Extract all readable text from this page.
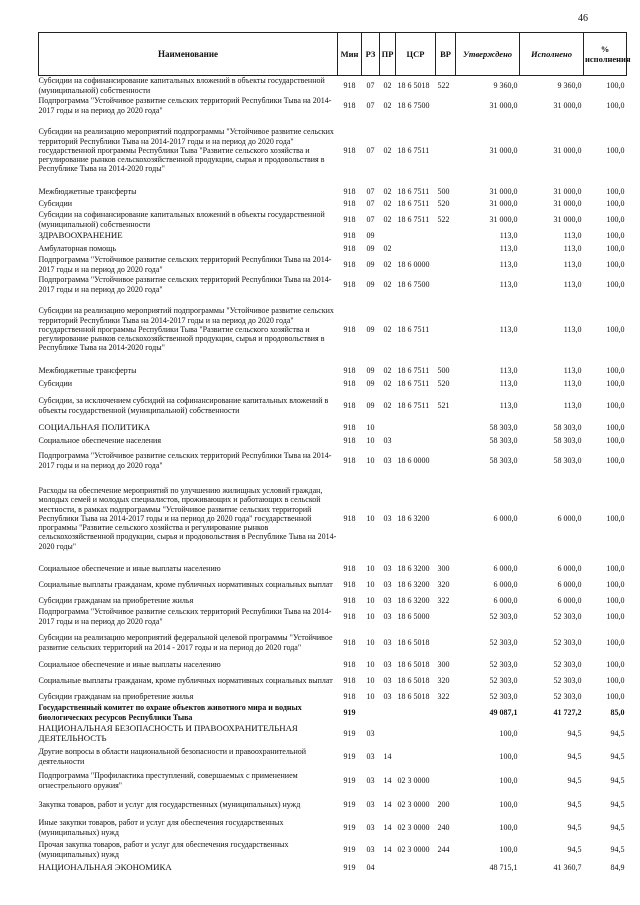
46
Наименование	Мин	РЗ	ПР	ЦСР	ВР	Утверждено	Исполнено	% исполнения
Субсидии на софинансирование капитальных вложений в объекты государственной (муниципальной) собственности	918	07	02	18 6 5018	522	9 360,0	9 360,0	100,0
Подпрограмма "Устойчивое развитие сельских территорий Республики Тыва на 2014-2017 годы и на период до 2020 года"	918	07	02	18 6 7500		31 000,0	31 000,0	100,0
Субсидии на реализацию мероприятий подпрограммы "Устойчивое развитие сельских территорий Республики Тыва на 2014-2017 годы и на период до 2020 года" государственной программы Республики Тыва "Развитие сельского хозяйства и регулирование рынков сельскохозяйственной продукции, сырья и продовольствия в Республике Тыва на 2014-2020 годы"	918	07	02	18 6 7511		31 000,0	31 000,0	100,0
Межбюджетные трансферты	918	07	02	18 6 7511	500	31 000,0	31 000,0	100,0
Субсидии	918	07	02	18 6 7511	520	31 000,0	31 000,0	100,0
Субсидии на софинансирование капитальных вложений в объекты государственной (муниципальной) собственности	918	07	02	18 6 7511	522	31 000,0	31 000,0	100,0
ЗДРАВООХРАНЕНИЕ	918	09				113,0	113,0	100,0
Амбулаторная помощь	918	09	02			113,0	113,0	100,0
Подпрограмма "Устойчивое развитие сельских территорий Республики Тыва на 2014-2017 годы и на период до 2020 года"	918	09	02	18 6 0000		113,0	113,0	100,0
Подпрограмма "Устойчивое развитие сельских территорий Республики Тыва на 2014-2017 годы и на период до 2020 года"	918	09	02	18 6 7500		113,0	113,0	100,0
Субсидии на реализацию мероприятий подпрограммы "Устойчивое развитие сельских территорий Республики Тыва на 2014-2017 годы и на период до 2020 года" государственной программы Республики Тыва "Развитие сельского хозяйства и регулирование рынков сельскохозяйственной продукции, сырья и продовольствия в Республике Тыва на 2014-2020 годы"	918	09	02	18 6 7511		113,0	113,0	100,0
Межбюджетные трансферты	918	09	02	18 6 7511	500	113,0	113,0	100,0
Субсидии	918	09	02	18 6 7511	520	113,0	113,0	100,0
Субсидии, за исключением субсидий на софинансирование капитальных вложений в объекты государственной (муниципальной) собственности	918	09	02	18 6 7511	521	113,0	113,0	100,0
СОЦИАЛЬНАЯ ПОЛИТИКА	918	10				58 303,0	58 303,0	100,0
Социальное обеспечение населения	918	10	03			58 303,0	58 303,0	100,0
Подпрограмма "Устойчивое развитие сельских территорий Республики Тыва на 2014-2017 годы и на период до 2020 года"	918	10	03	18 6 0000		58 303,0	58 303,0	100,0
Расходы на обеспечение мероприятий по улучшению жилищных условий граждан, молодых семей и молодых специалистов, проживающих и работающих в сельской местности, в рамках подпрограммы "Устойчивое развитие сельских территорий Республики Тыва на 2014-2017 годы и на период до 2020 года" государственной программы "Развитие сельского хозяйства и регулирование рынков сельскохозяйственной продукции, сырья и продовольствия в Республике Тыва на 2014-2020 годы"	918	10	03	18 6 3200		6 000,0	6 000,0	100,0
Социальное обеспечение и иные выплаты населению	918	10	03	18 6 3200	300	6 000,0	6 000,0	100,0
Социальные выплаты гражданам, кроме публичных нормативных социальных выплат	918	10	03	18 6 3200	320	6 000,0	6 000,0	100,0
Субсидии гражданам на приобретение жилья	918	10	03	18 6 3200	322	6 000,0	6 000,0	100,0
Подпрограмма "Устойчивое развитие сельских территорий Республики Тыва на 2014-2017 годы и на период до 2020 года"	918	10	03	18 6 5000		52 303,0	52 303,0	100,0
Субсидии на реализацию мероприятий федеральной целевой программы "Устойчивое развитие сельских территорий на 2014 - 2017 годы и на период до 2020 года"	918	10	03	18 6 5018		52 303,0	52 303,0	100,0
Социальное обеспечение и иные выплаты населению	918	10	03	18 6 5018	300	52 303,0	52 303,0	100,0
Социальные выплаты гражданам, кроме публичных нормативных социальных выплат	918	10	03	18 6 5018	320	52 303,0	52 303,0	100,0
Субсидии гражданам на приобретение жилья	918	10	03	18 6 5018	322	52 303,0	52 303,0	100,0
Государственный комитет по охране объектов животного мира и водных биологических ресурсов Республики Тыва	919					49 087,1	41 727,2	85,0
НАЦИОНАЛЬНАЯ БЕЗОПАСНОСТЬ И ПРАВООХРАНИТЕЛЬНАЯ ДЕЯТЕЛЬНОСТЬ	919	03				100,0	94,5	94,5
Другие вопросы в области национальной безопасности и правоохранительной деятельности	919	03	14			100,0	94,5	94,5
Подпрограмма "Профилактика преступлений, совершаемых с применением огнестрельного оружия"	919	03	14	02 3 0000		100,0	94,5	94,5
Закупка товаров, работ и услуг для государственных (муниципальных) нужд	919	03	14	02 3 0000	200	100,0	94,5	94,5
Иные закупки товаров, работ и услуг для обеспечения государственных (муниципальных) нужд	919	03	14	02 3 0000	240	100,0	94,5	94,5
Прочая закупка товаров, работ и услуг для обеспечения государственных (муниципальных) нужд	919	03	14	02 3 0000	244	100,0	94,5	94,5
НАЦИОНАЛЬНАЯ ЭКОНОМИКА	919	04				48 715,1	41 360,7	84,9
